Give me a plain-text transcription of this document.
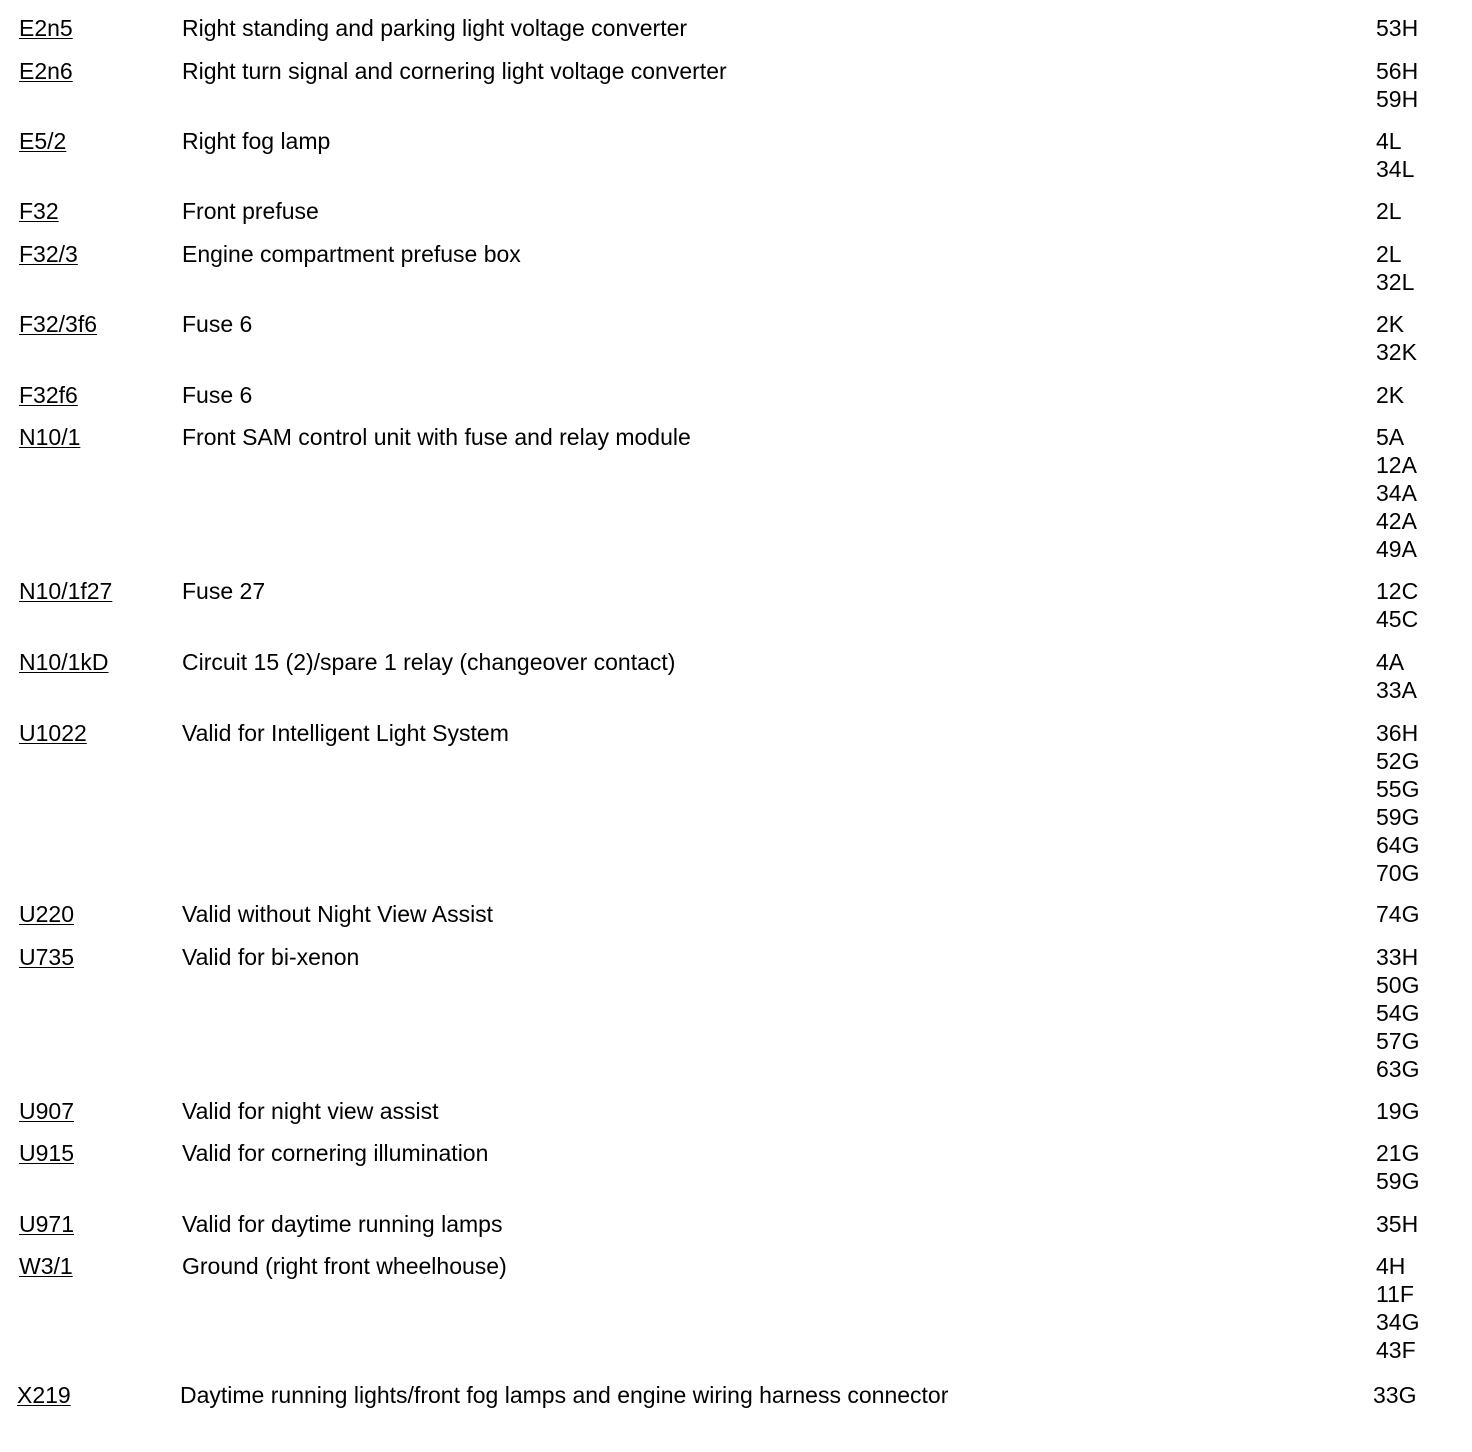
E2n5	Right standing and parking light voltage converter	53H
E2n6	Right turn signal and cornering light voltage converter	56H
59H
E5/2	Right fog lamp	4L
34L
F32	Front prefuse	2L
F32/3	Engine compartment prefuse box	2L
32L
F32/3f6	Fuse 6	2K
32K
F32f6	Fuse 6	2K
N10/1	Front SAM control unit with fuse and relay module	5A
12A
34A
42A
49A
N10/1f27	Fuse 27	12C
45C
N10/1kD	Circuit 15 (2)/spare 1 relay (changeover contact)	4A
33A
U1022	Valid for Intelligent Light System	36H
52G
55G
59G
64G
70G
U220	Valid without Night View Assist	74G
U735	Valid for bi-xenon	33H
50G
54G
57G
63G
U907	Valid for night view assist	19G
U915	Valid for cornering illumination	21G
59G
U971	Valid for daytime running lamps	35H
W3/1	Ground (right front wheelhouse)	4H
11F
34G
43F
X219	Daytime running lights/front fog lamps and engine wiring harness connector	33G
